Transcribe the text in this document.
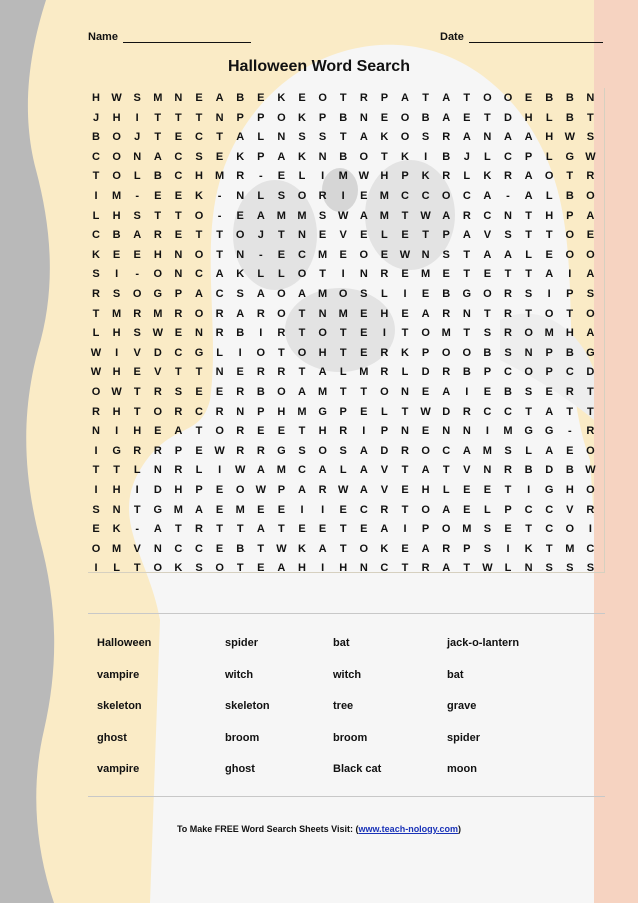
Name	Date
Halloween Word Search
H	W	S	M	N	E	A	B	E	K	E	O	T	R	P	A	T	A	T	O	O	E	B	B	N
J	H	I	T	T	T	N	P	P	O	K	P	B	N	E	O	B	A	E	T	D	H	L	B	T
B	O	J	T	E	C	T	A	L	N	S	S	T	A	K	O	S	R	A	N	A	A	H	W	S
C	O	N	A	C	S	E	K	P	A	K	N	B	O	T	K	I	B	J	L	C	P	L	G	W
T	O	L	B	C	H	M	R	-	E	L	I	M W	H	P	K	R	L	K	R	A	O	T	R
I	M	-	E	E	K	-	N	L	S	O	R	I	E	M	C	C	O	C	A	-	A	L	B	O
L	H	S	T	T	O	-	E	A	M	M	S	W	A	M	T	W	A	R	C	N	T	H	P	A
C	B	A	R	E	T	T	O	J	T	N	E	V	E	L	E	T	P	A	V	S	T	T	O	E
K	E	E	H	N	O	T	N	-	E	C	M	E	O	E	W	N	S	T	A	A	L	E	O	O
S	I	-	O	N	C	A	K	L	L	O	T	I	N	R	E	M	E	T	E	T	T	A	I	A
R	S	O	G	P	A	C	S	A	O	A	M	O	S	L	I	E	B	G	O	R	S	I	P	S
T	M	R	M	R	O	R	A	R	O	T	N	M	E	H	E	A	R	N	T	R	T	O	T	O
L	H	S	W	E	N	R	B	I	R	T	O	T	E	I	T	O	M	T	S	R	O	M	H	A
W	I	V	D	C	G	L	I	O	T	O	H	T	E	R	K	P	O	O	B	S	N	P	B	G
W	H	E	V	T	T	N	E	R	R	T	A	L	M	R	L	D	R	B	P	C	O	P	C	D
O	W	T	R	S	E	E	R	B	O	A	M	T	T	O	N	E	A	I	E	B	S	E	R	T
R	H	T	O	R	C	R	N	P	H	M	G	P	E	L	T	W	D	R	C	C	T	A	T	T
N	I	H	E	A	T	O	R	E	E	T	H	R	I	P	N	E	N	N	I	M	G	G	-	R
I	G	R	R	P	E	W	R	R	G	S	O	S	A	D	R	O	C	A	M	S	L	A	E	O
T	T	L	N	R	L	I	W	A	M	C	A	L	A	V	T	A	T	V	N	R	B	D	B	W
I	H	I	D	H	P	E	O	W	P	A	R	W	A	V	E	H	L	E	E	T	I	G	H	O
S	N	T	G	M	A	E	M	E	E	I	I	E	C	R	T	O	A	E	L	P	C	C	V	R
E	K	-	A	T	R	T	T	A	T	E	E	T	E	A	I	P	O	M	S	E	T	C	O	I
O	M	V	N	C	C	E	B	T	W	K	A	T	O	K	E	A	R	P	S	I	K	T	M	C
I	L	T	O	K	S	O	T	E	A	H	I	H	N	C	T	R	A	T	W	L	N	S	S	S
Halloween	spider	bat	jack-o-lantern
vampire	witch	witch	bat
skeleton	skeleton	tree	grave
ghost	broom	broom	spider
vampire	ghost	Black cat	moon
To Make FREE Word Search Sheets Visit: (www.teach-nology.com)
